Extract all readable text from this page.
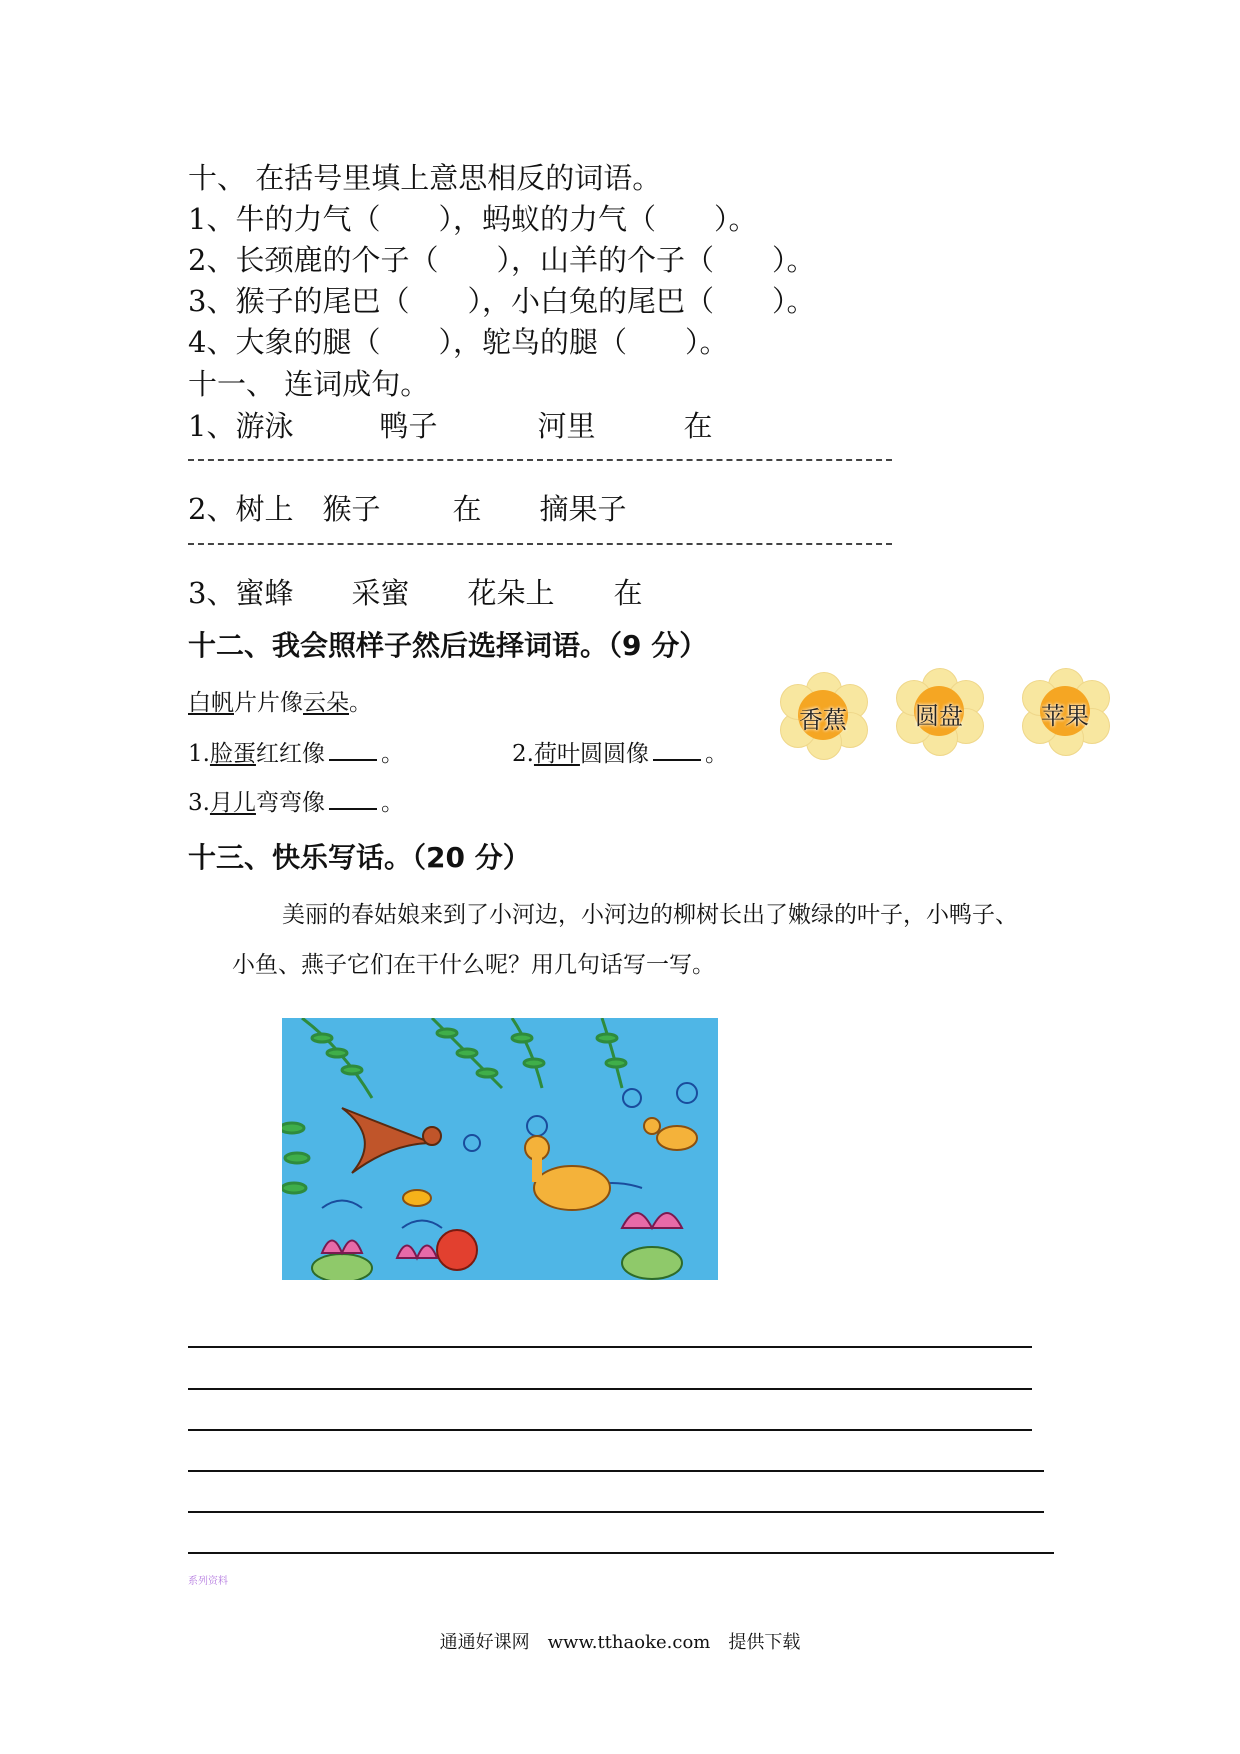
十、 在括号里填上意思相反的词语。
1、牛的力气（　　），蚂蚁的力气（　　）。
2、长颈鹿的个子（　　），山羊的个子（　　）。
3、猴子的尾巴（　　），小白兔的尾巴（　　）。
4、大象的腿（　　），鸵鸟的腿（　　）。
十一、 连词成句。
1、游泳	鸭子	河里	在
2、树上 猴子 在 摘果子
3、蜜蜂 采蜜 花朵上 在
十二、我会照样子然后选择词语。（9 分）
白帆片片像云朵。
1.脸蛋红红像 。	2.荷叶圆圆像 。
3.月儿弯弯像 。
香蕉	圆盘	苹果
十三、快乐写话。（20 分）
美丽的春姑娘来到了小河边，小河边的柳树长出了嫩绿的叶子，小鸭子、
小鱼、燕子它们在干什么呢？用几句话写一写。
系列资料
通通好课网　www.tthaoke.com　提供下载
